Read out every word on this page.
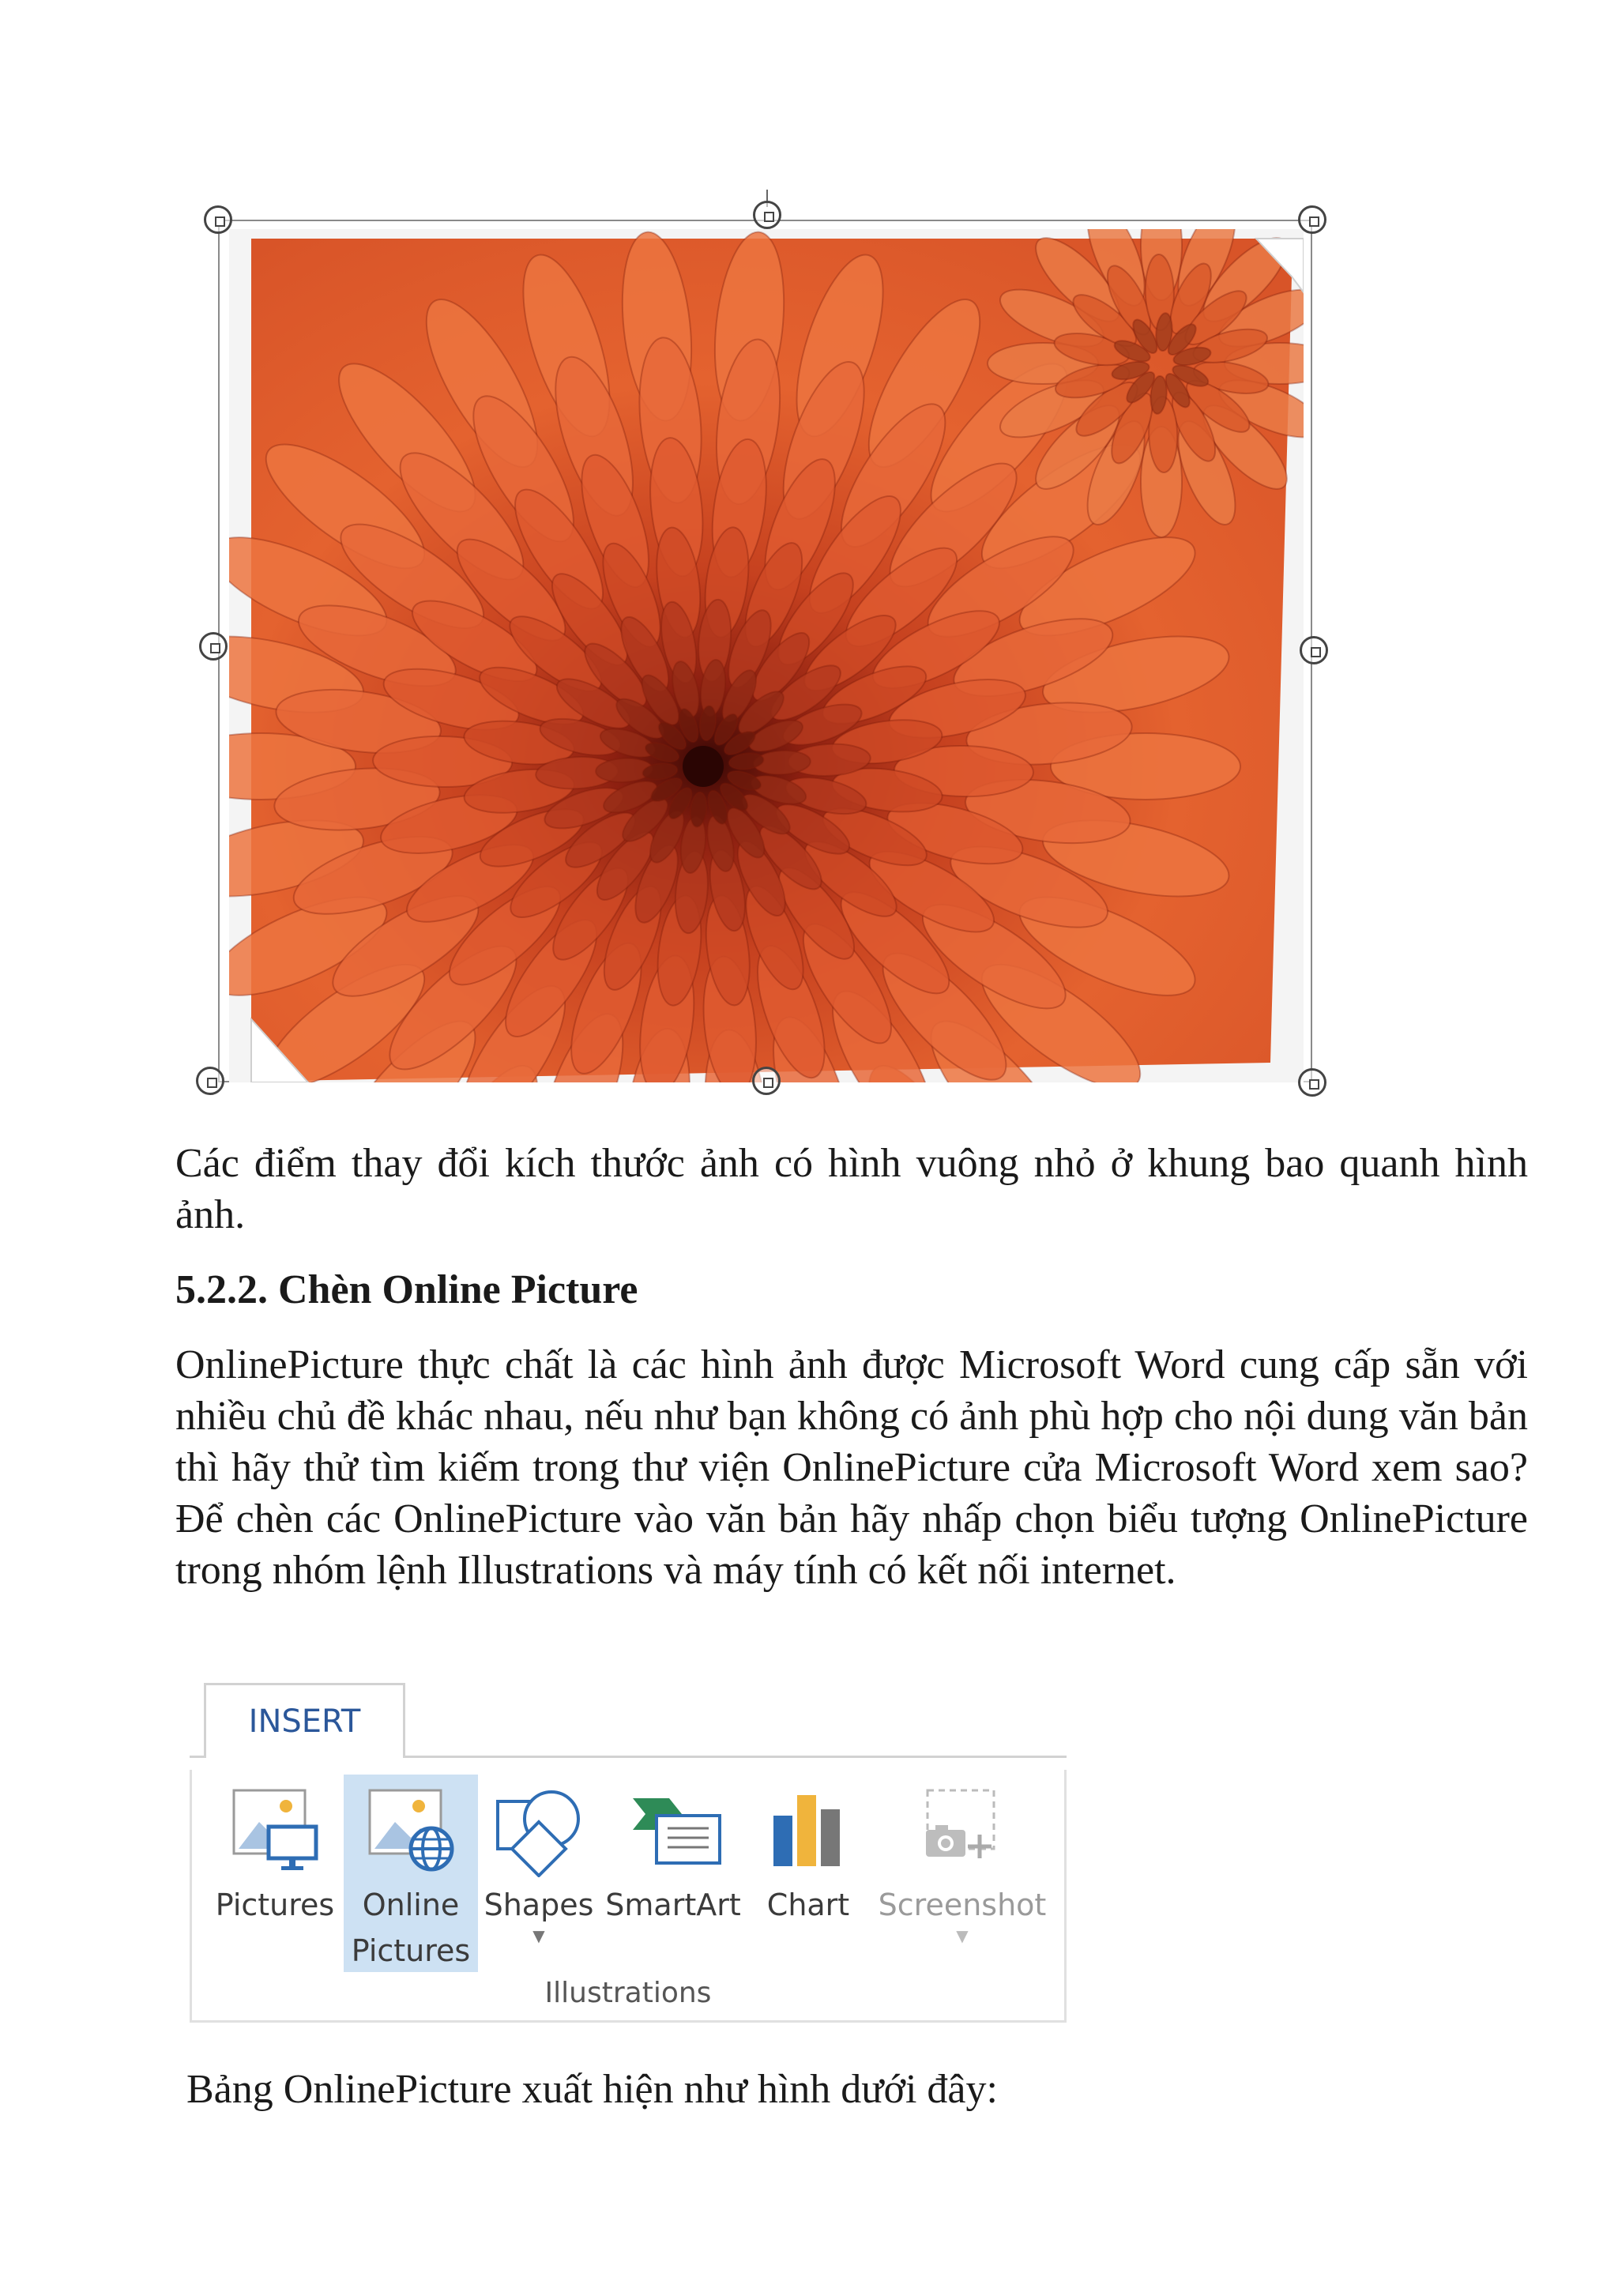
Các điểm thay đổi kích thước ảnh có hình vuông nhỏ ở khung bao quanh hình ảnh.

5.2.2. Chèn Online Picture

OnlinePicture thực chất là các hình ảnh được Microsoft Word cung cấp sẵn với nhiều chủ đề khác nhau, nếu như bạn không có ảnh phù hợp cho nội dung văn bản thì hãy thử tìm kiếm trong thư viện OnlinePicture cửa Microsoft Word xem sao? Để chèn các OnlinePicture vào văn bản hãy nhấp chọn biểu tượng OnlinePicture trong nhóm lệnh Illustrations và máy tính có kết nối internet.

INSERT
Pictures Online
Pictures
Shapes
▼
SmartArt Chart Screenshot
▼
Illustrations

Bảng OnlinePicture xuất hiện như hình dưới đây:
